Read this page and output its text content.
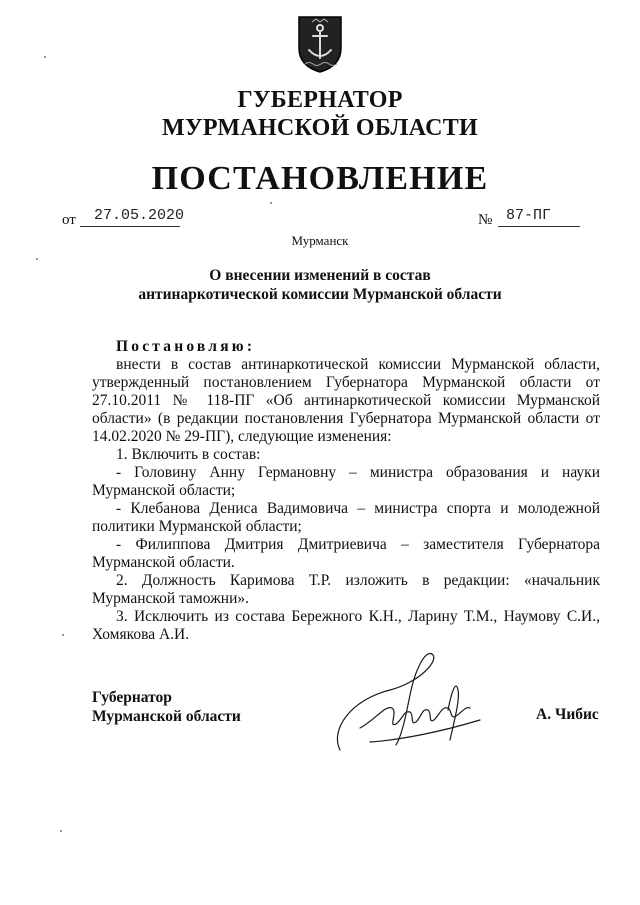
ГУБЕРНАТОР
МУРМАНСКОЙ ОБЛАСТИ
ПОСТАНОВЛЕНИЕ
от 27.05.2020	№ 87-ПГ
Мурманск
О внесении изменений в состав
антинаркотической комиссии Мурманской области

Постановляю:

внести в состав антинаркотической комиссии Мурманской области, утвержденный постановлением Губернатора Мурманской области от 27.10.2011 № 118-ПГ «Об антинаркотической комиссии Мурманской области» (в редакции постановления Губернатора Мурманской области от 14.02.2020 № 29-ПГ), следующие изменения:

1. Включить в состав:

- Головину Анну Германовну – министра образования и науки Мурманской области;

- Клебанова Дениса Вадимовича – министра спорта и молодежной политики Мурманской области;

- Филиппова Дмитрия Дмитриевича – заместителя Губернатора Мурманской области.

2. Должность Каримова Т.Р. изложить в редакции: «начальник Мурманской таможни».

3. Исключить из состава Бережного К.Н., Ларину Т.М., Наумову С.И., Хомякова А.И.

Губернатор
Мурманской области	А. Чибис
